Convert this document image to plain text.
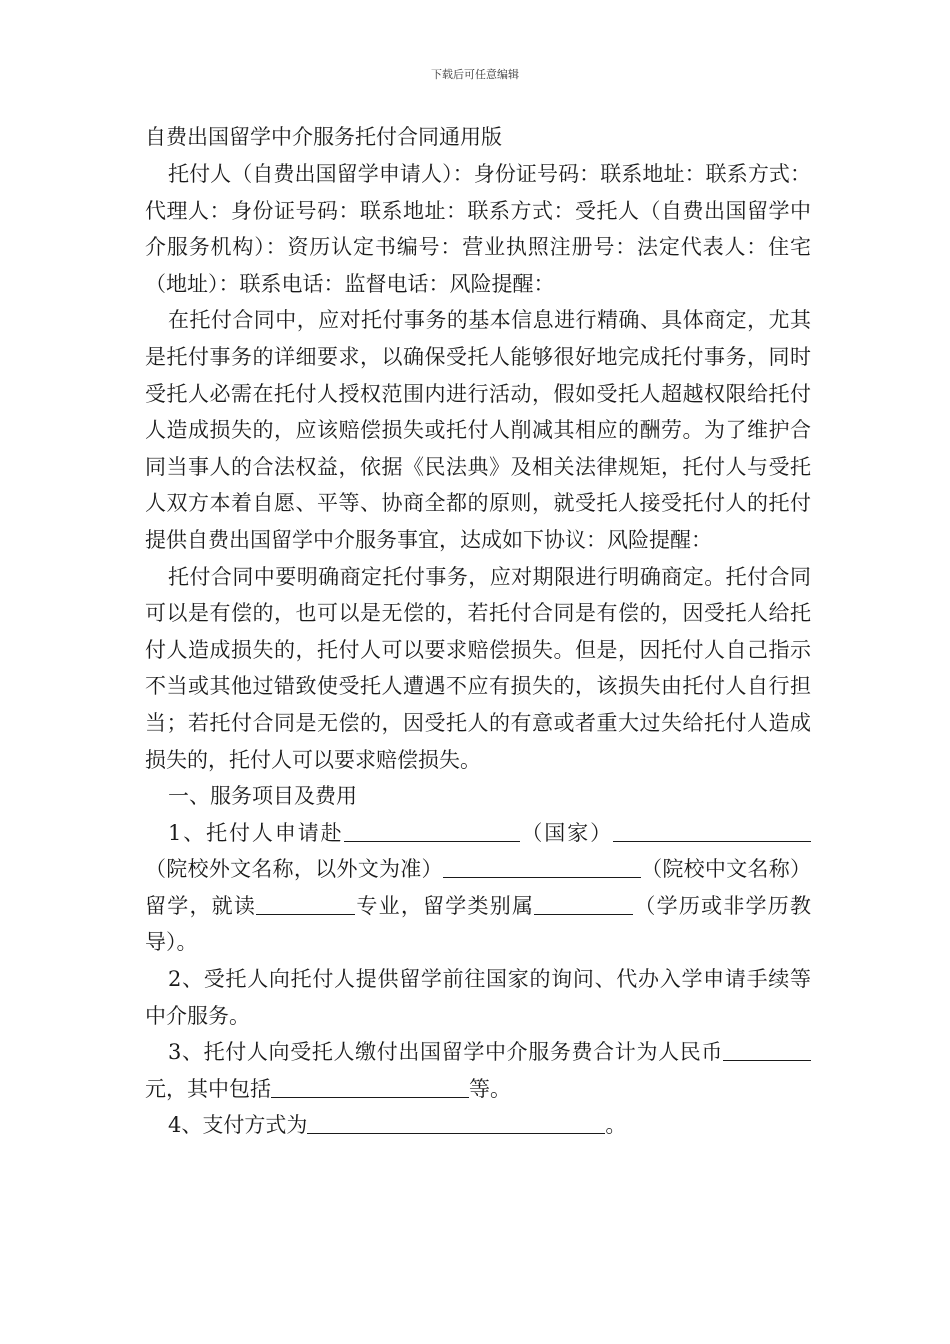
下载后可任意编辑

自费出国留学中介服务托付合同通用版

托付人（自费出国留学申请人）：身份证号码：联系地址：联系方式：代理人：身份证号码：联系地址：联系方式：受托人（自费出国留学中介服务机构）：资历认定书编号：营业执照注册号：法定代表人：住宅（地址）：联系电话：监督电话：风险提醒：

在托付合同中，应对托付事务的基本信息进行精确、具体商定，尤其是托付事务的详细要求，以确保受托人能够很好地完成托付事务，同时受托人必需在托付人授权范围内进行活动，假如受托人超越权限给托付人造成损失的，应该赔偿损失或托付人削减其相应的酬劳。为了维护合同当事人的合法权益，依据《民法典》及相关法律规矩，托付人与受托人双方本着自愿、平等、协商全都的原则，就受托人接受托付人的托付提供自费出国留学中介服务事宜，达成如下协议：风险提醒：

托付合同中要明确商定托付事务，应对期限进行明确商定。托付合同可以是有偿的，也可以是无偿的，若托付合同是有偿的，因受托人给托付人造成损失的，托付人可以要求赔偿损失。但是，因托付人自己指示不当或其他过错致使受托人遭遇不应有损失的，该损失由托付人自行担当；若托付合同是无偿的，因受托人的有意或者重大过失给托付人造成损失的，托付人可以要求赔偿损失。

一、服务项目及费用

1、托付人申请赴	（国家）（院校外文名称，以外文为准）	（院校中文名称）留学，就读	专业，留学类别属	（学历或非学历教导）。

2、受托人向托付人提供留学前往国家的询问、代办入学申请手续等中介服务。

3、托付人向受托人缴付出国留学中介服务费合计为人民币元，其中包括	等。

4、支付方式为	。
